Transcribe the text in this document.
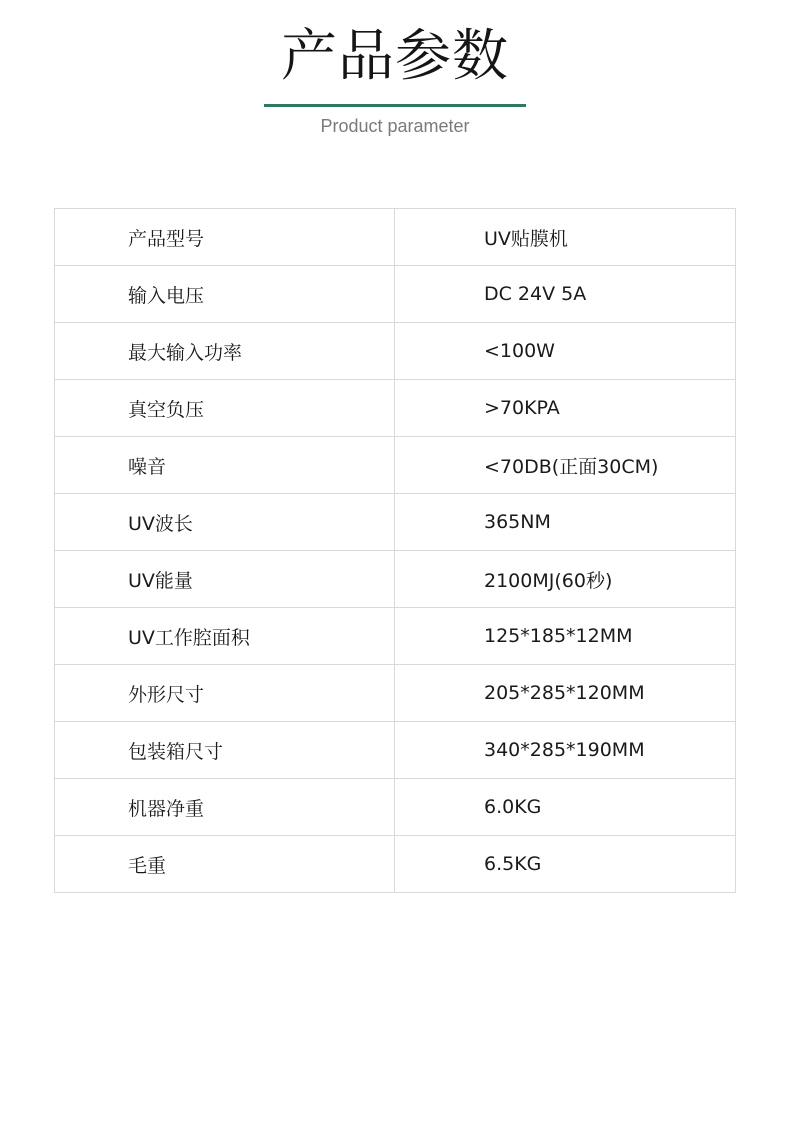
产品参数
Product parameter
产品型号	UV贴膜机
输入电压	DC 24V 5A
最大输入功率	<100W
真空负压	>70KPA
噪音	<70DB(正面30CM)
UV波长	365NM
UV能量	2100MJ(60秒)
UV工作腔面积	125*185*12MM
外形尺寸	205*285*120MM
包装箱尺寸	340*285*190MM
机器净重	6.0KG
毛重	6.5KG
